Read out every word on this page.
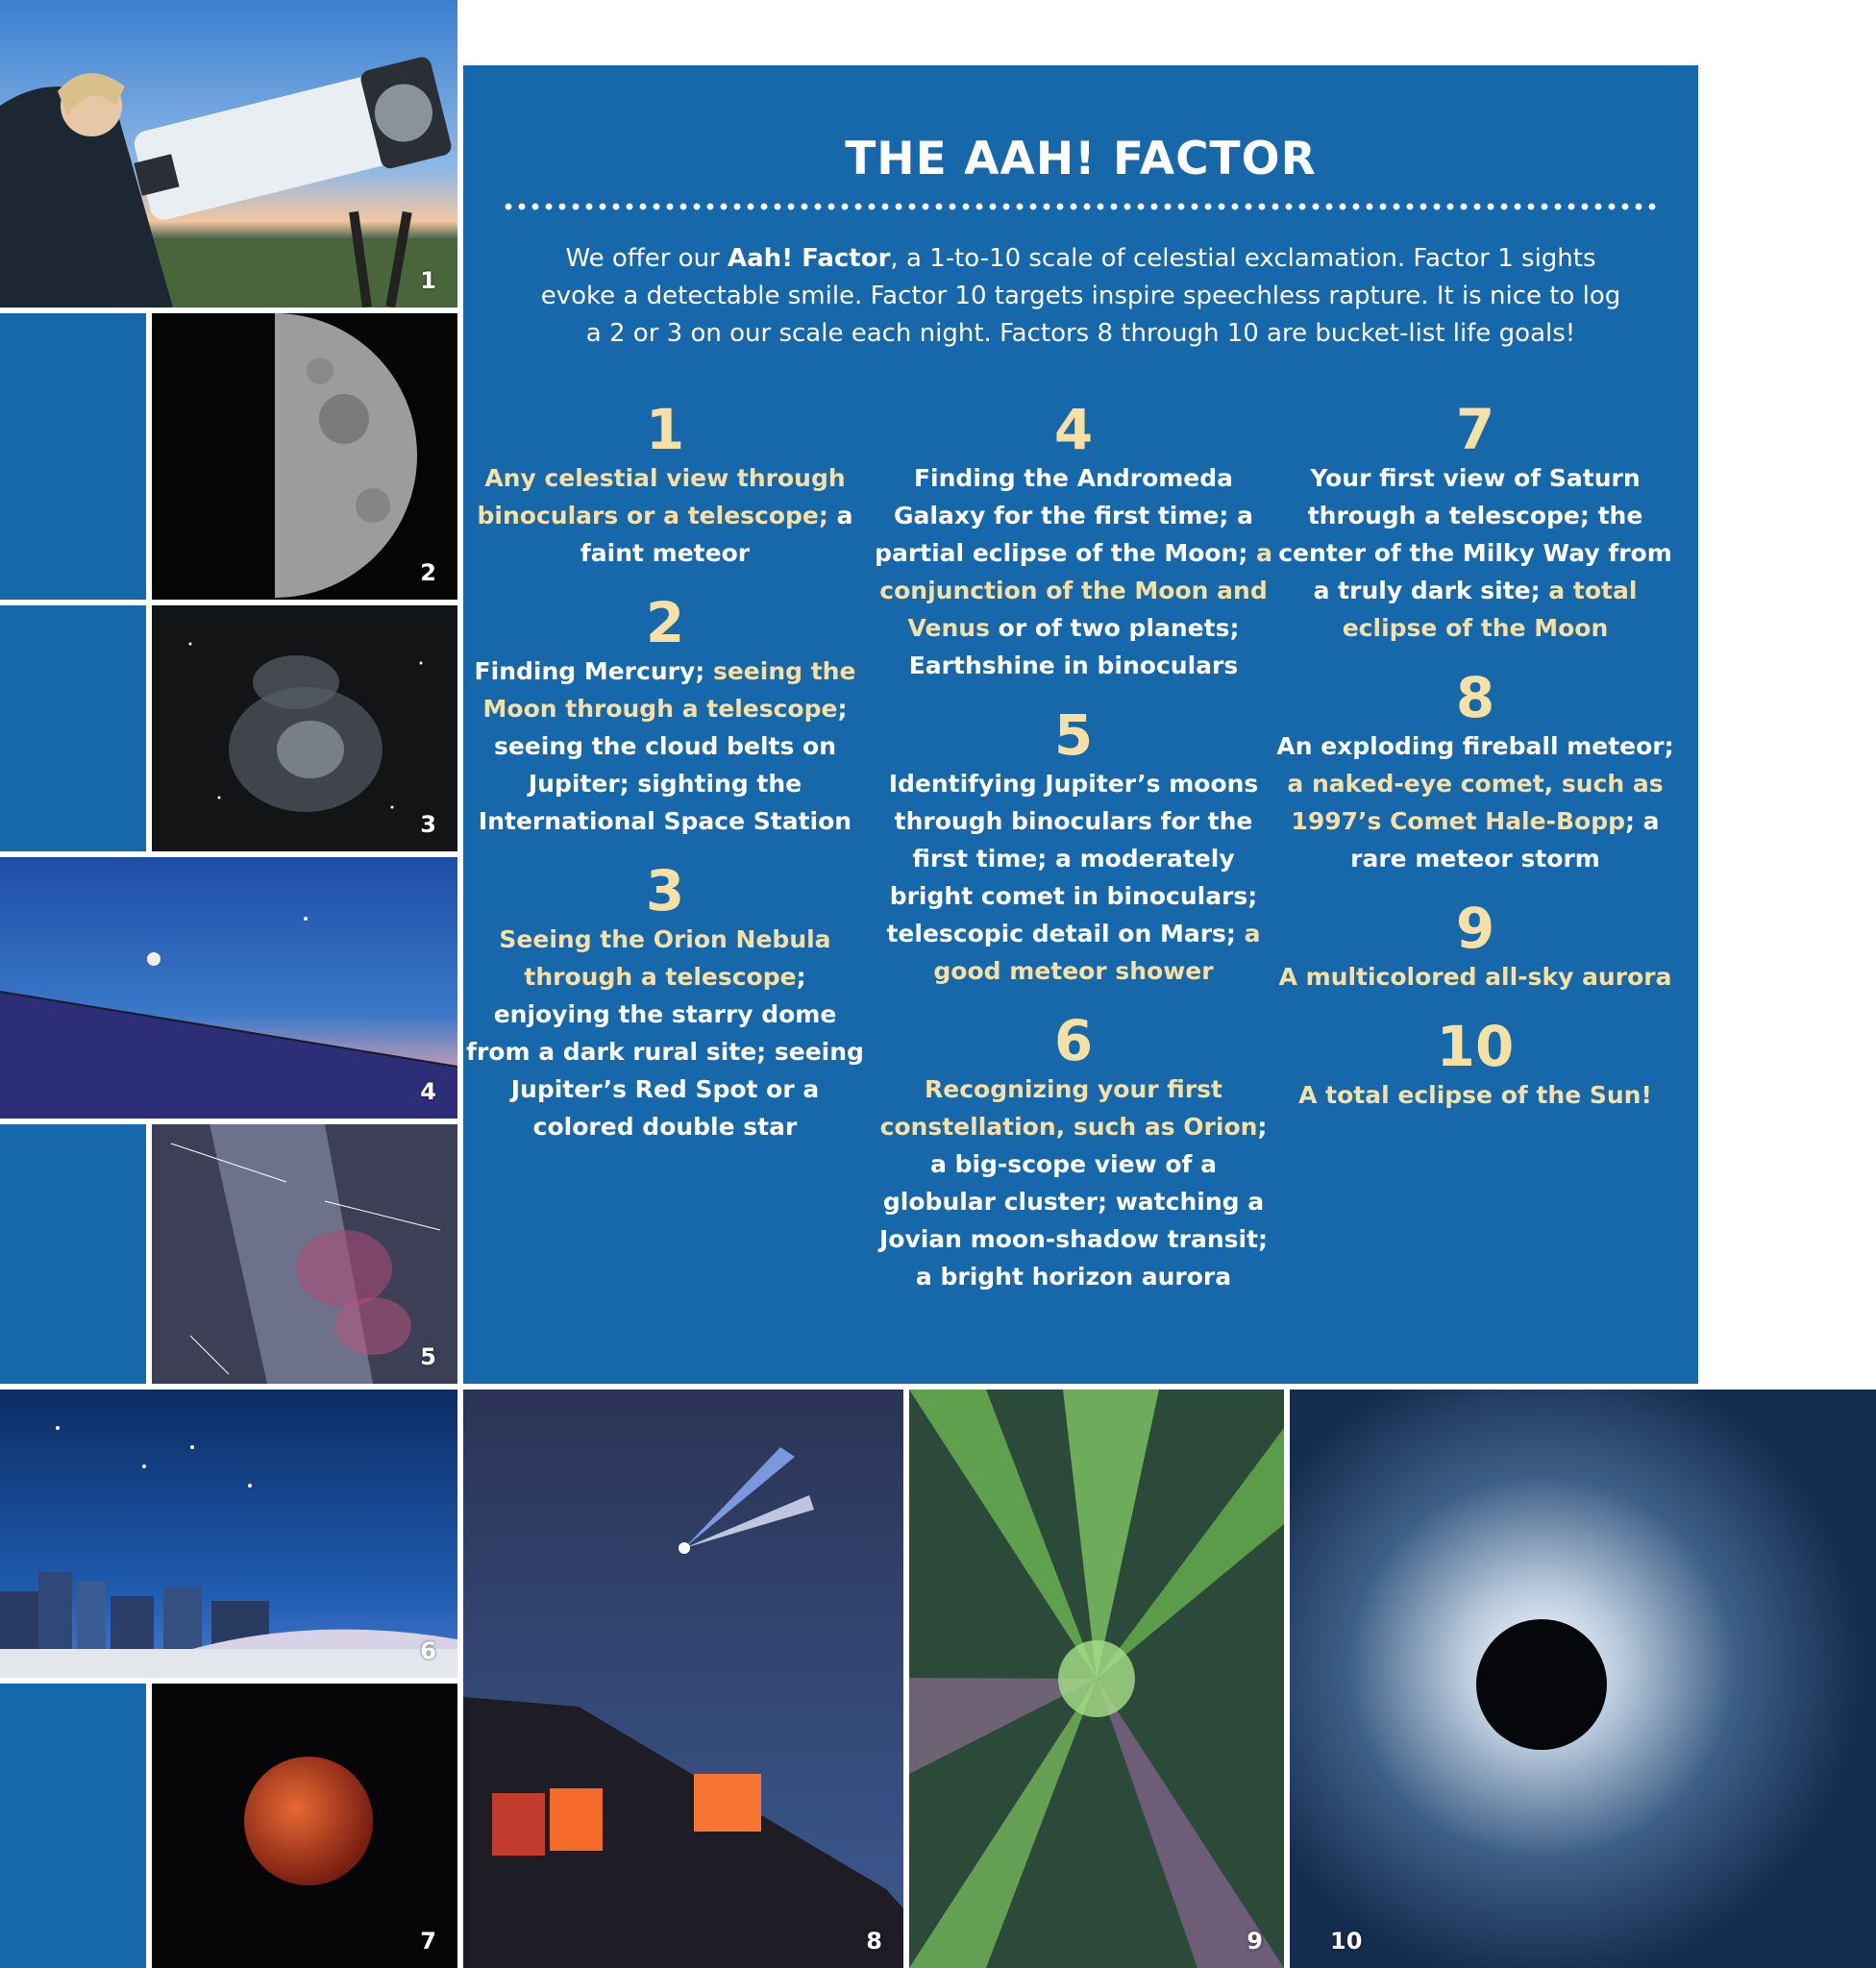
1
2
3
4
5
6
7	8	9	10
THE AAH! FACTOR
We offer our Aah! Factor, a 1-to-10 scale of celestial exclamation. Factor 1 sights evoke a detectable smile. Factor 10 targets inspire speechless rapture. It is nice to log a 2 or 3 on our scale each night. Factors 8 through 10 are bucket-list life goals!
1
Any celestial view through binoculars or a telescope; a faint meteor
2
Finding Mercury; seeing the Moon through a telescope; seeing the cloud belts on Jupiter; sighting the International Space Station
3
Seeing the Orion Nebula through a telescope; enjoying the starry dome from a dark rural site; seeing Jupiter’s Red Spot or a colored double star
4
Finding the Andromeda Galaxy for the first time; a partial eclipse of the Moon; a conjunction of the Moon and Venus or of two planets; Earthshine in binoculars
5
Identifying Jupiter’s moons through binoculars for the first time; a moderately bright comet in binoculars; telescopic detail on Mars; a good meteor shower
6
Recognizing your first constellation, such as Orion; a big-scope view of a globular cluster; watching a Jovian moon-shadow transit; a bright horizon aurora
7
Your first view of Saturn through a telescope; the center of the Milky Way from a truly dark site; a total eclipse of the Moon
8
An exploding fireball meteor; a naked-eye comet, such as 1997’s Comet Hale-Bopp; a rare meteor storm
9
A multicolored all-sky aurora
10
A total eclipse of the Sun!
